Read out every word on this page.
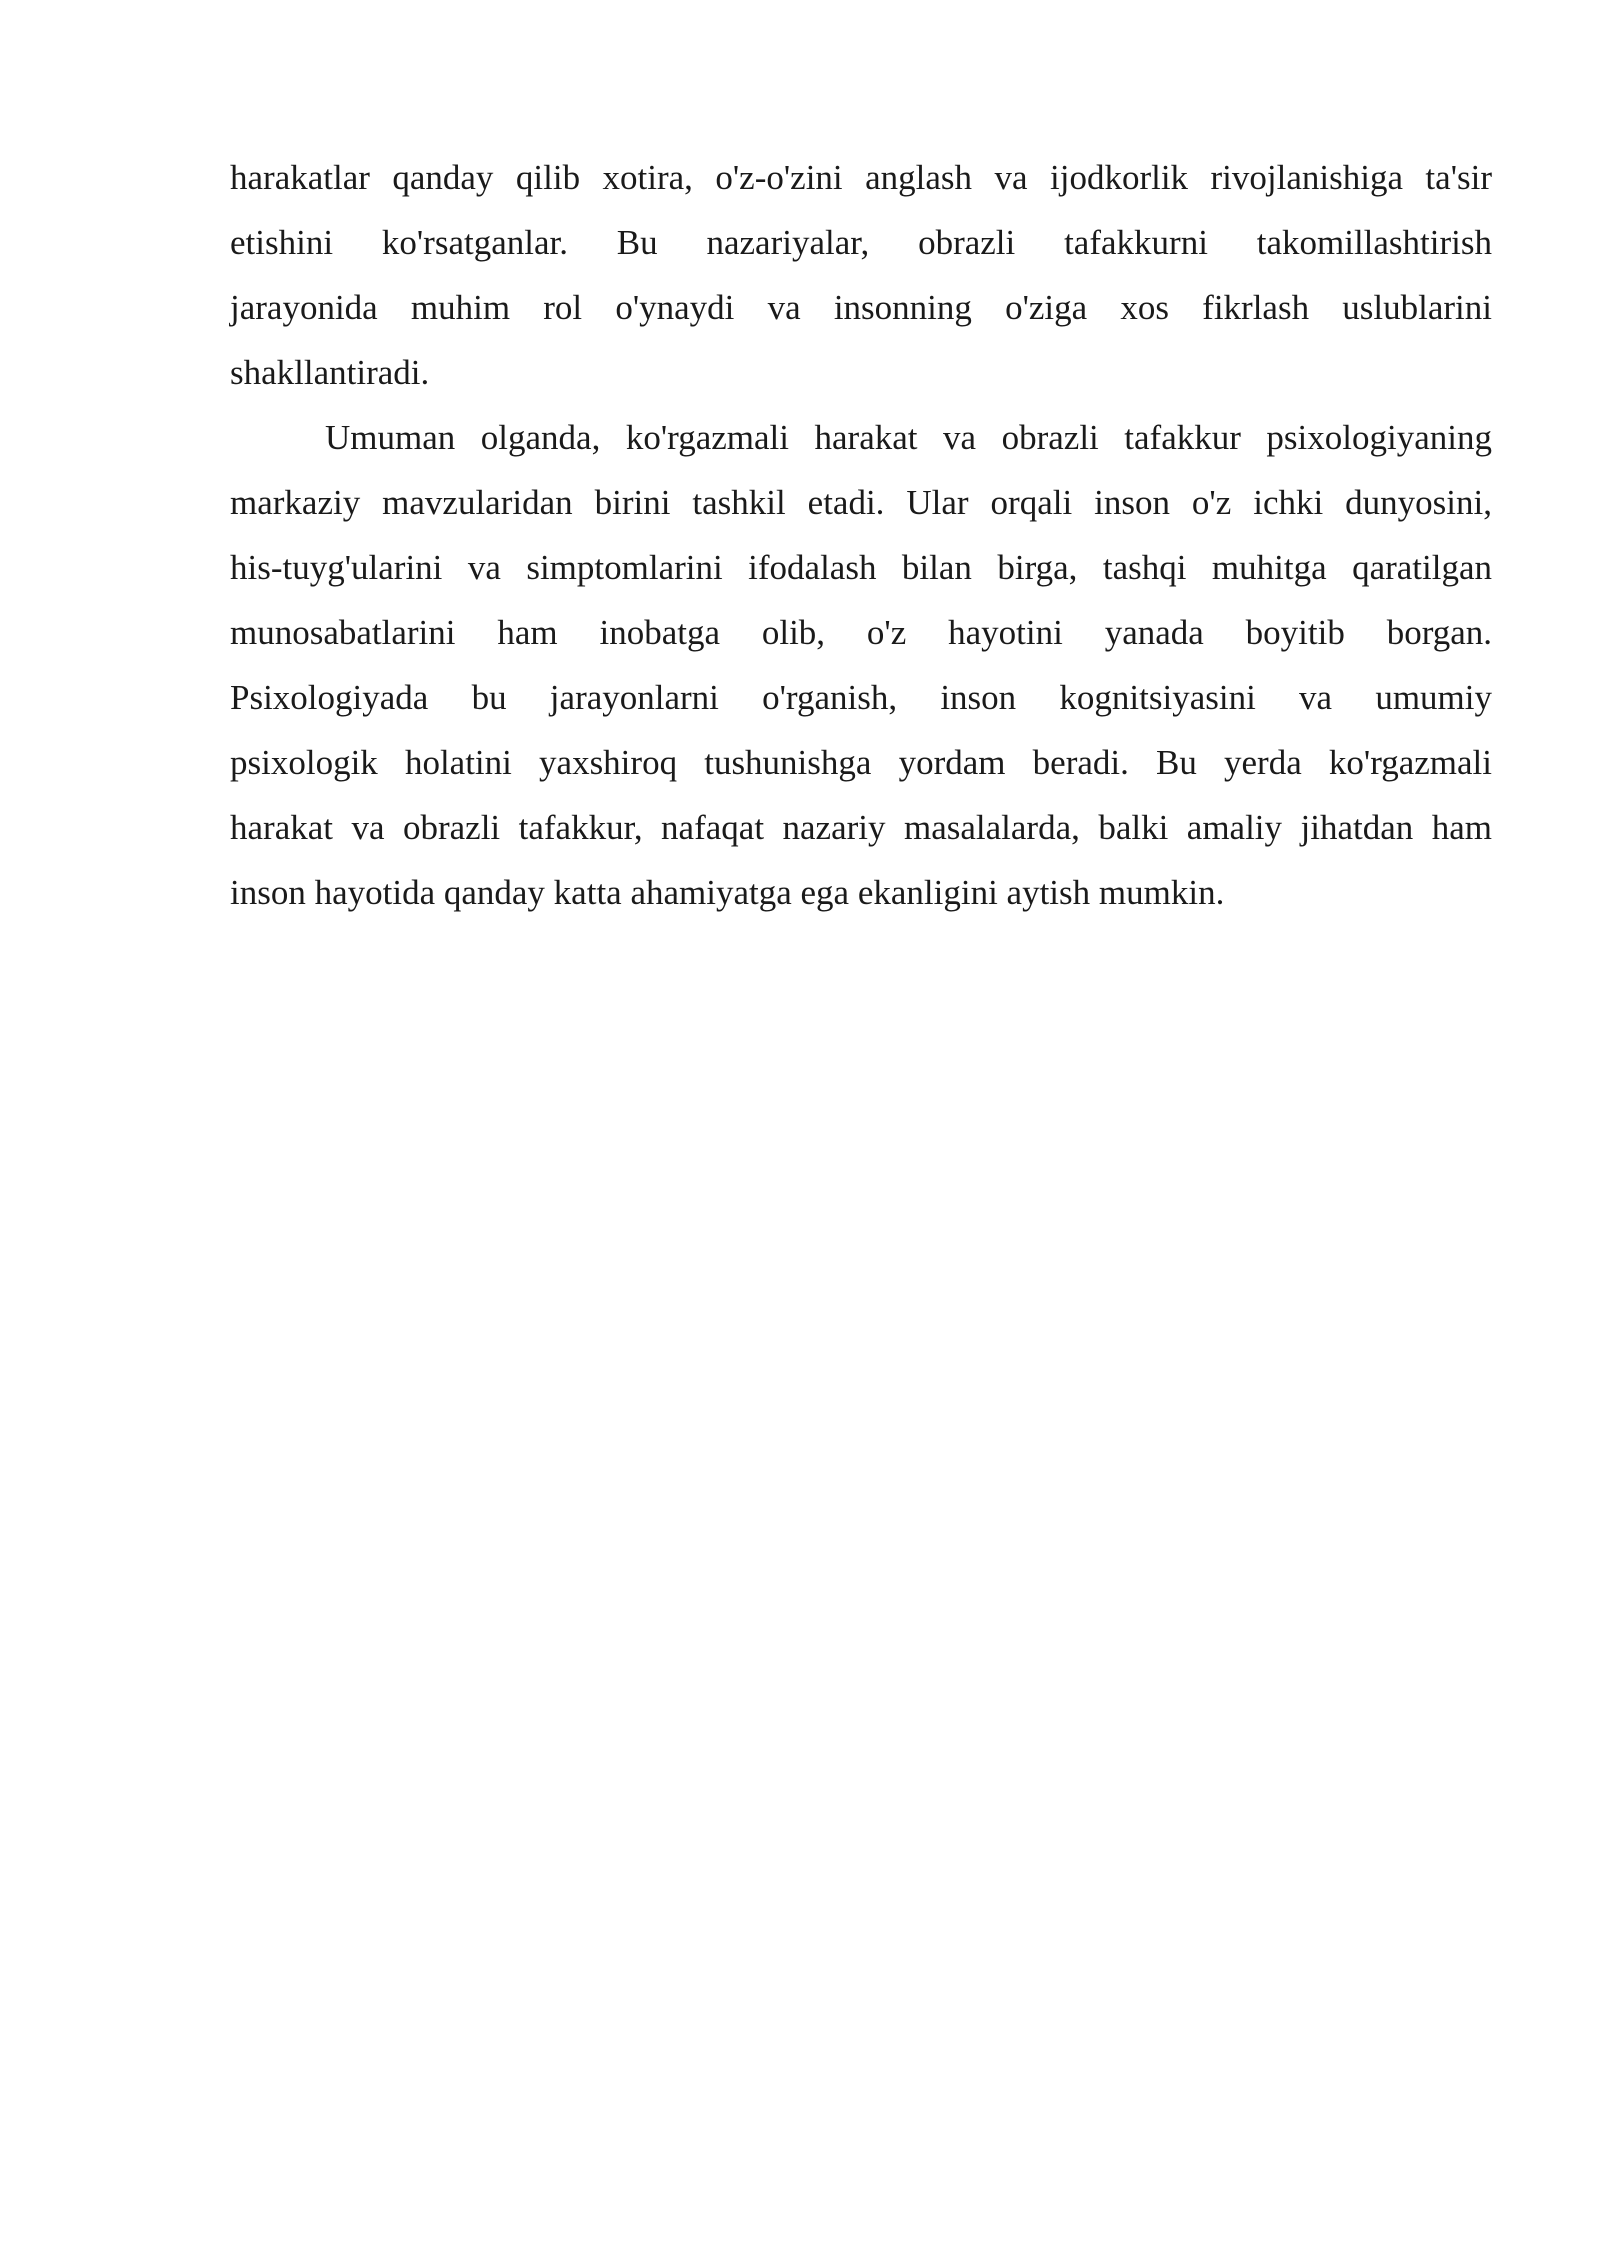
harakatlar qanday qilib xotira, o'z-o'zini anglash va ijodkorlik rivojlanishiga ta'sir
etishini ko'rsatganlar. Bu nazariyalar, obrazli tafakkurni takomillashtirish
jarayonida muhim rol o'ynaydi va insonning o'ziga xos fikrlash uslublarini
shakllantiradi.

Umuman olganda, ko'rgazmali harakat va obrazli tafakkur psixologiyaning
markaziy mavzularidan birini tashkil etadi. Ular orqali inson o'z ichki dunyosini,
his-tuyg'ularini va simptomlarini ifodalash bilan birga, tashqi muhitga qaratilgan
munosabatlarini ham inobatga olib, o'z hayotini yanada boyitib borgan.
Psixologiyada bu jarayonlarni o'rganish, inson kognitsiyasini va umumiy
psixologik holatini yaxshiroq tushunishga yordam beradi. Bu yerda ko'rgazmali
harakat va obrazli tafakkur, nafaqat nazariy masalalarda, balki amaliy jihatdan ham
inson hayotida qanday katta ahamiyatga ega ekanligini aytish mumkin.
